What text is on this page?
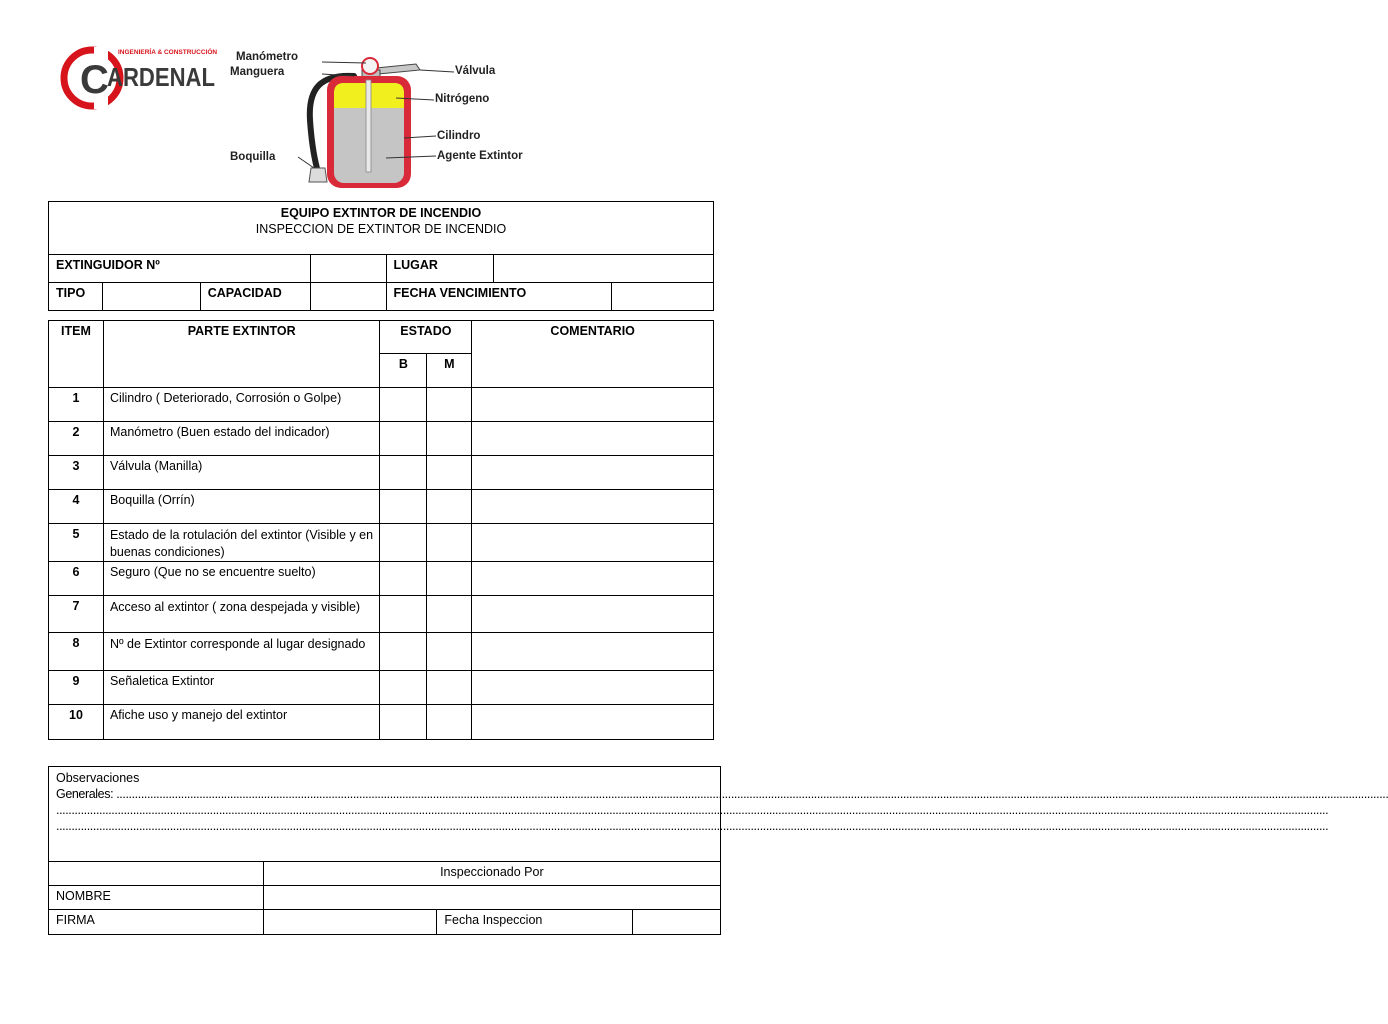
C
INGENIERÍA & CONSTRUCCIÓN
ARDENAL
Manómetro
Manguera
Boquilla
Válvula
Nitrógeno
Cilindro
Agente Extintor
EQUIPO EXTINTOR DE INCENDIO
INSPECCION DE EXTINTOR DE INCENDIO						

EXTINGUIDOR Nº				LUGAR		
TIPO		CAPACIDAD		FECHA VENCIMIENTO		
ITEM	PARTE EXTINTOR	ESTADO		COMENTARIO
		B	M	
1	Cilindro ( Deteriorado, Corrosión o Golpe)			
2	Manómetro (Buen estado del indicador)			
3	Válvula (Manilla)			
4	Boquilla (Orrín)			
5	Estado de la rotulación del extintor (Visible y en buenas condiciones)			
6	Seguro (Que no se encuentre suelto)			
7	Acceso al extintor ( zona despejada y visible)			
8	Nº de Extintor corresponde al lugar designado			
9	Señaletica Extintor			
10	Afiche uso y manejo del extintor			
Observaciones
Generales: ..............................................................................................................................................................................................................................................................................................................................................................................................................................
..............................................................................................................................................................................................................................................................................................................................................................................................................................
..............................................................................................................................................................................................................................................................................................................................................................................................................................			

	Inspeccionado Por		
NOMBRE			
FIRMA		Fecha Inspeccion	
